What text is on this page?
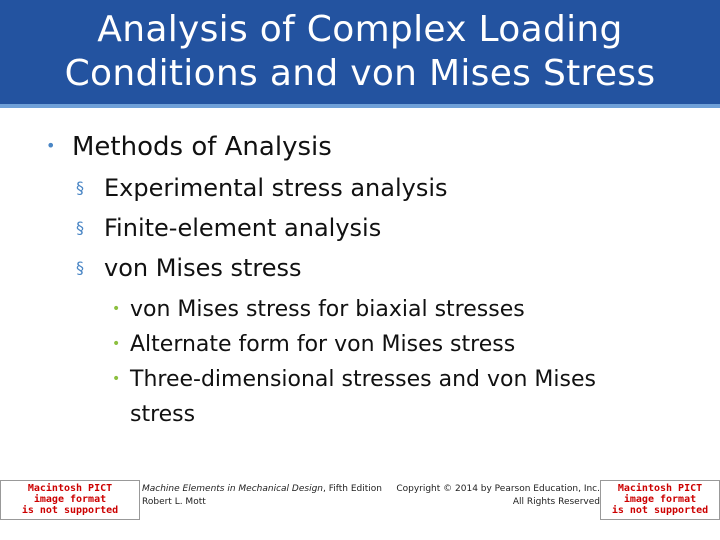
Analysis of Complex Loading
Conditions and von Mises Stress
• Methods of Analysis
§ Experimental stress analysis
§ Finite-element analysis
§ von Mises stress
• von Mises stress for biaxial stresses
• Alternate form for von Mises stress
• Three-dimensional stresses and von Mises stress
Macintosh PICT
image format
is not supported
Machine Elements in Mechanical Design, Fifth Edition
Robert L. Mott
Copyright © 2014 by Pearson Education, Inc.
All Rights Reserved
Macintosh PICT
image format
is not supported
